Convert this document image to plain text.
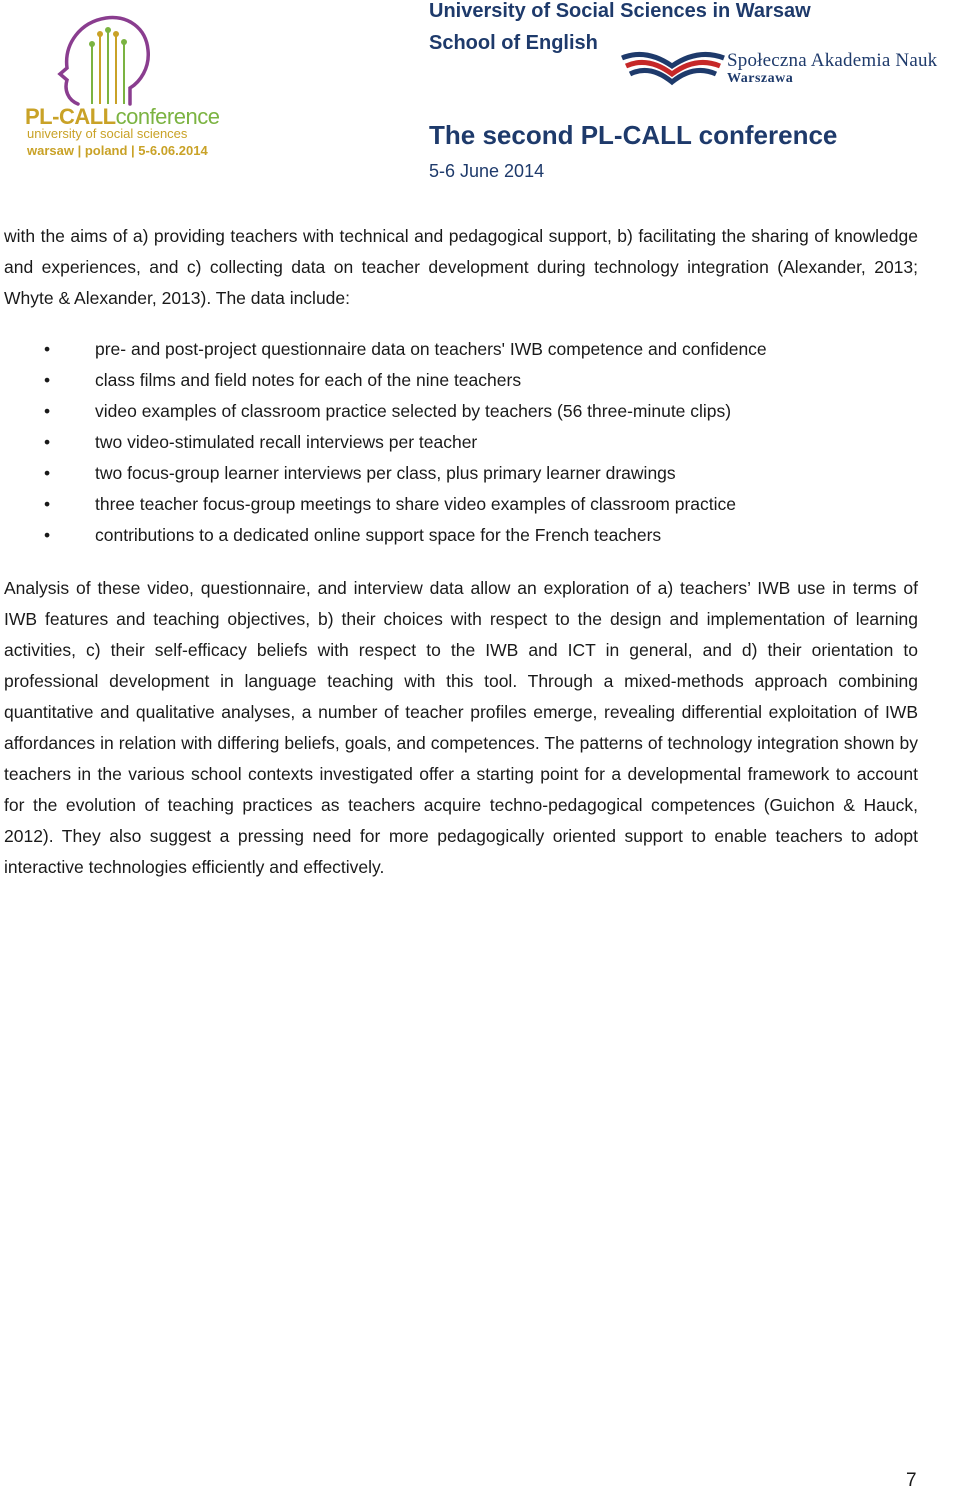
PL-CALLconference
university of social sciences
warsaw | poland | 5-6.06.2014
University of Social Sciences in Warsaw
School of English
Społeczna Akademia Nauk
Warszawa
The second PL-CALL conference
5-6 June 2014

with the aims of a) providing teachers with technical and pedagogical support, b) facilitating the sharing of knowledge and experiences, and c) collecting data on teacher development during technology integration (Alexander, 2013; Whyte & Alexander, 2013). The data include:

•	pre- and post-project questionnaire data on teachers' IWB competence and confidence
•	class films and field notes for each of the nine teachers
•	video examples of classroom practice selected by teachers (56 three-minute clips)
•	two video-stimulated recall interviews per teacher
•	two focus-group learner interviews per class, plus primary learner drawings
•	three teacher focus-group meetings to share video examples of classroom practice
•	contributions to a dedicated online support space for the French teachers

Analysis of these video, questionnaire, and interview data allow an exploration of a) teachers’ IWB use in terms of IWB features and teaching objectives, b) their choices with respect to the design and implementation of learning activities, c) their self-efficacy beliefs with respect to the IWB and ICT in general, and d) their orientation to professional development in language teaching with this tool. Through a mixed-methods approach combining quantitative and qualitative analyses, a number of teacher profiles emerge, revealing differential exploitation of IWB affordances in relation with differing beliefs, goals, and competences. The patterns of technology integration shown by teachers in the various school contexts investigated offer a starting point for a developmental framework to account for the evolution of teaching practices as teachers acquire techno-pedagogical competences (Guichon & Hauck, 2012). They also suggest a pressing need for more pedagogically oriented support to enable teachers to adopt interactive technologies efficiently and effectively.

7
